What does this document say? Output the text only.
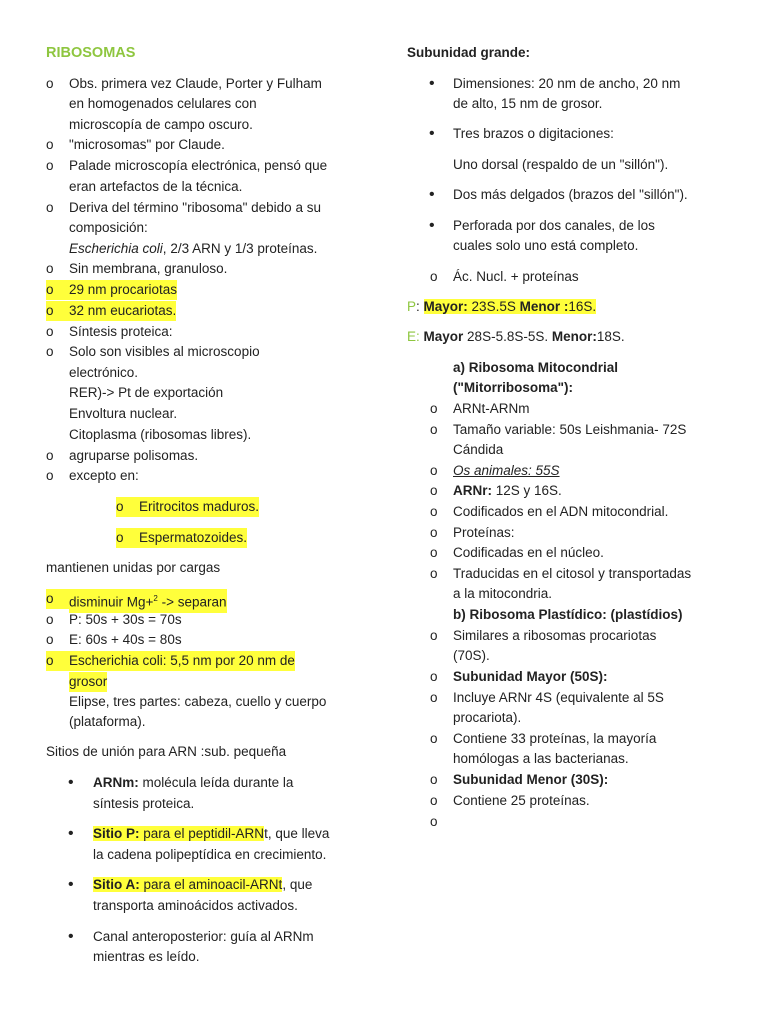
RIBOSOMAS
o Obs. primera vez Claude, Porter y Fulham
en homogenados celulares con
microscopía de campo oscuro.
o "microsomas" por Claude.
o Palade microscopía electrónica, pensó que
eran artefactos de la técnica.
o Deriva del término "ribosoma" debido a su
composición:
Escherichia coli, 2/3 ARN y 1/3 proteínas.
o Sin membrana, granuloso.
o	29 nm procariotas
o	32 nm eucariotas.
o Síntesis proteica:
o Solo son visibles al microscopio
electrónico.
RER)-> Pt de exportación
Envoltura nuclear.
Citoplasma (ribosomas libres).
o agruparse polisomas.
o excepto en:
o	Eritrocitos maduros.
o	Espermatozoides.
mantienen unidas por cargas
o	disminuir Mg+$^2$ -> separan
o P: 50s + 30s = 70s
o E: 60s + 40s = 80s
o	Escherichia coli: 5,5 nm por 20 nm de
grosor
Elipse, tres partes: cabeza, cuello y cuerpo
(plataforma).
Sitios de unión para ARN :sub. pequeña
• ARNm: molécula leída durante la
síntesis proteica.
• Sitio P: para el peptidil-ARNt, que lleva
la cadena polipeptídica en crecimiento.
• Sitio A: para el aminoacil-ARNt, que
transporta aminoácidos activados.
• Canal anteroposterior: guía al ARNm
mientras es leído.
Subunidad grande:
• Dimensiones: 20 nm de ancho, 20 nm
de alto, 15 nm de grosor.
• Tres brazos o digitaciones:
Uno dorsal (respaldo de un "sillón").
• Dos más delgados (brazos del "sillón").
• Perforada por dos canales, de los
cuales solo uno está completo.
o Ác. Nucl. + proteínas
P: Mayor: 23S.5S Menor :16S.
E: Mayor 28S-5.8S-5S. Menor:18S.
a) Ribosoma Mitocondrial
("Mitorribosoma"):
o ARNt-ARNm
o Tamaño variable: 50s Leishmania- 72S
Cándida
o Os animales: 55S
o ARNr: 12S y 16S.
o Codificados en el ADN mitocondrial.
o Proteínas:
o Codificadas en el núcleo.
o Traducidas en el citosol y transportadas
a la mitocondria.
b) Ribosoma Plastídico: (plastídios)
o Similares a ribosomas procariotas
(70S).
o Subunidad Mayor (50S):
o Incluye ARNr 4S (equivalente al 5S
procariota).
o Contiene 33 proteínas, la mayoría
homólogas a las bacterianas.
o Subunidad Menor (30S):
o Contiene 25 proteínas.
o
